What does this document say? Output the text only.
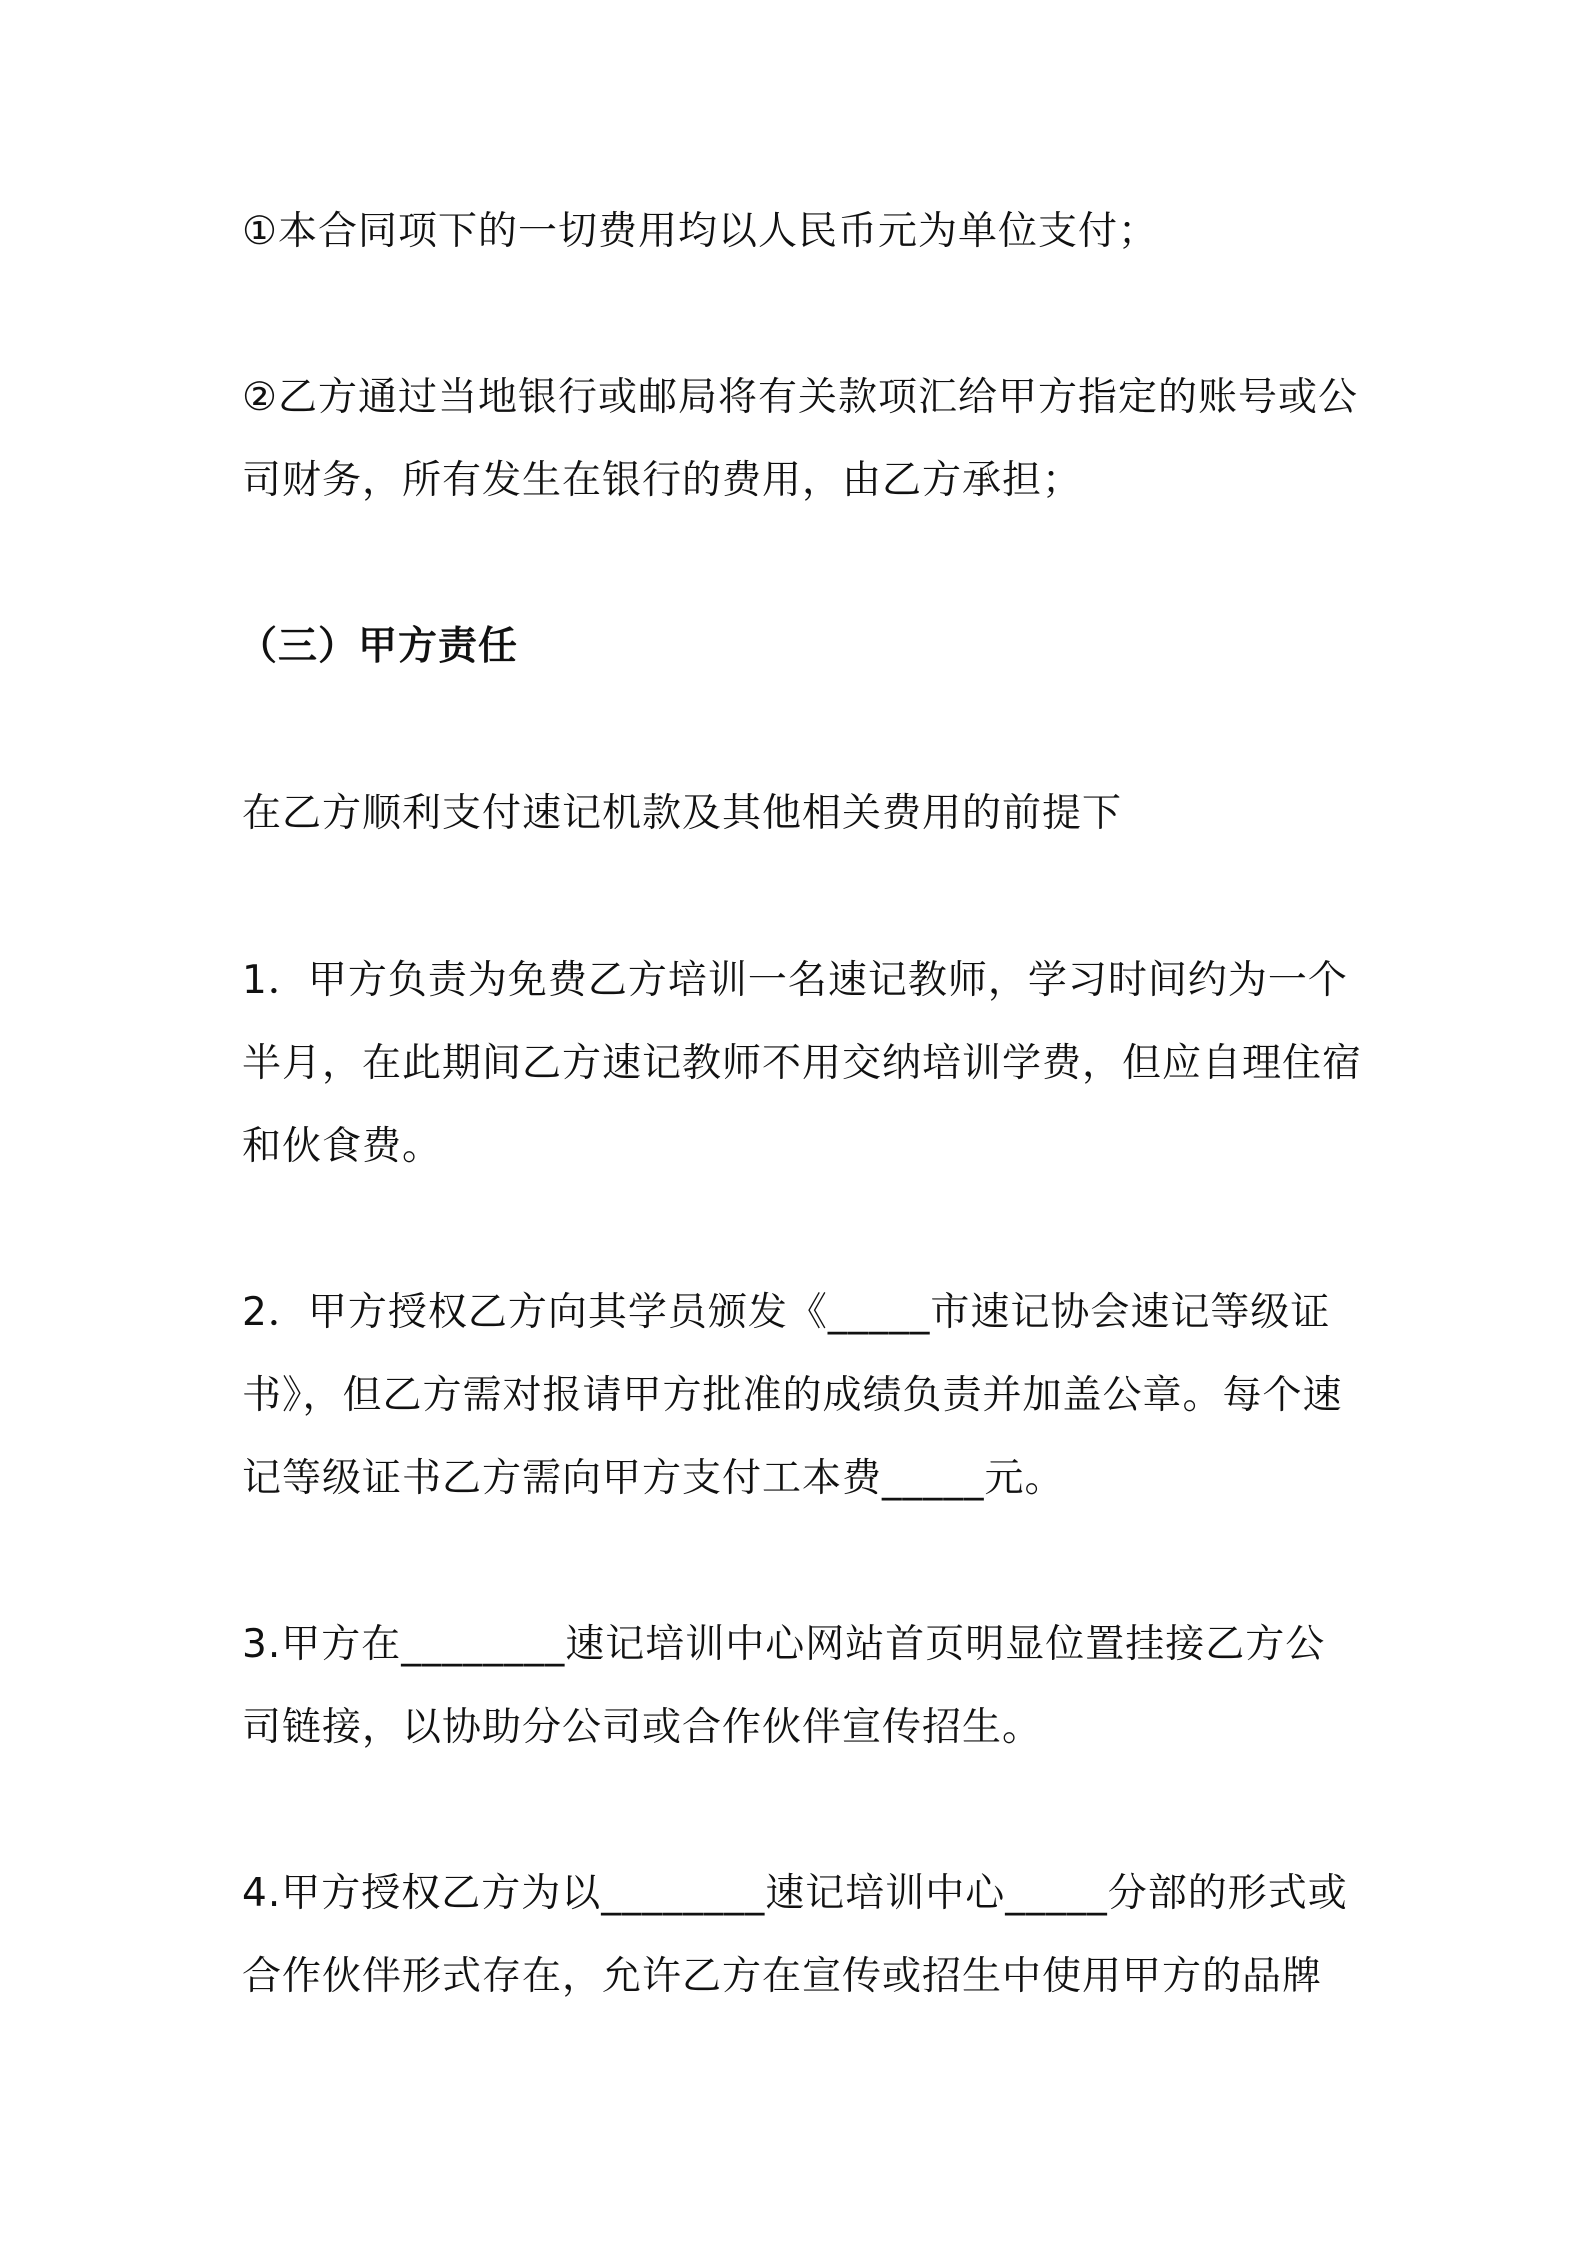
①本合同项下的一切费用均以人民币元为单位支付；

②乙方通过当地银行或邮局将有关款项汇给甲方指定的账号或公司财务，所有发生在银行的费用，由乙方承担；

（三）甲方责任

在乙方顺利支付速记机款及其他相关费用的前提下

1．甲方负责为免费乙方培训一名速记教师，学习时间约为一个半月，在此期间乙方速记教师不用交纳培训学费，但应自理住宿和伙食费。

2．甲方授权乙方向其学员颁发《_____市速记协会速记等级证书》，但乙方需对报请甲方批准的成绩负责并加盖公章。每个速记等级证书乙方需向甲方支付工本费_____元。

3.甲方在________速记培训中心网站首页明显位置挂接乙方公司链接，以协助分公司或合作伙伴宣传招生。

4.甲方授权乙方为以________速记培训中心_____分部的形式或合作伙伴形式存在，允许乙方在宣传或招生中使用甲方的品牌
